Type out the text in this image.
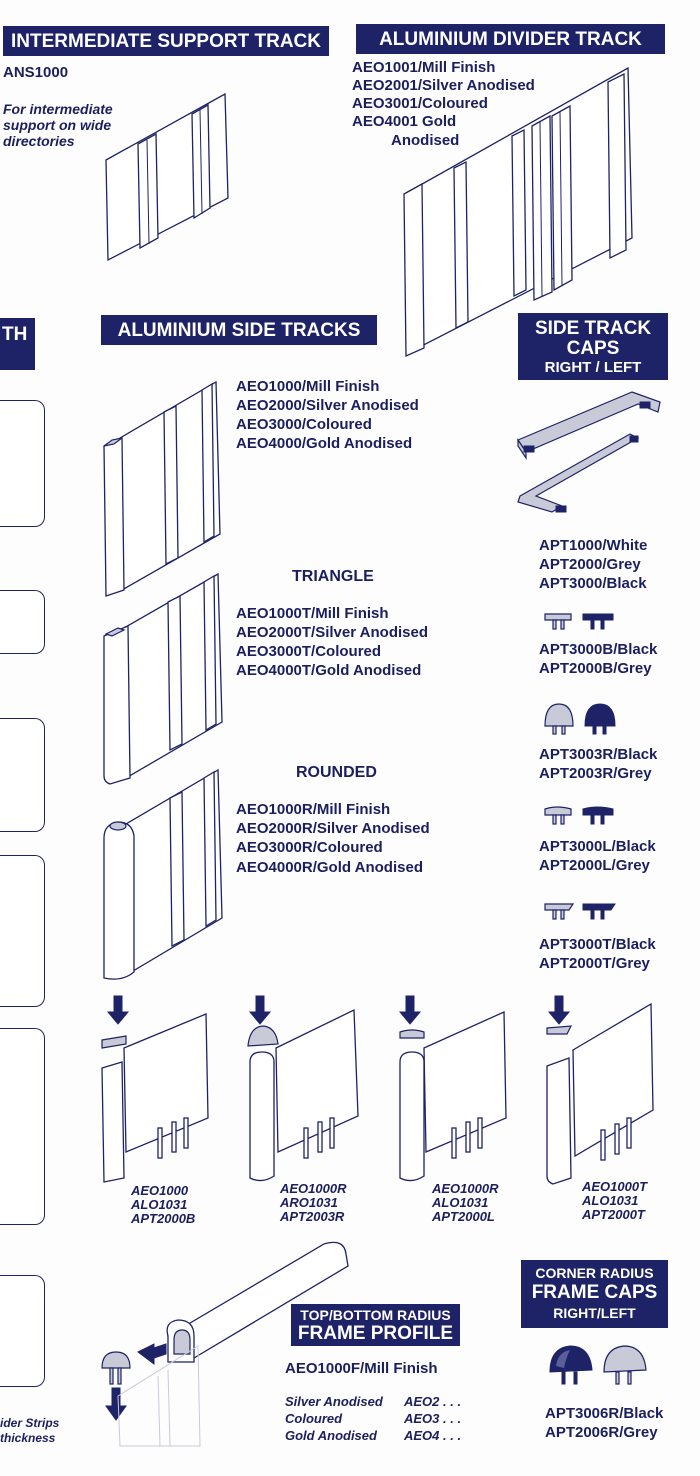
INTERMEDIATE SUPPORT TRACK
ANS1000
For intermediate
support on wide
directories
ALUMINIUM DIVIDER TRACK
AEO1001/Mill Finish
AEO2001/Silver Anodised
AEO3001/Coloured
AEO4001 Gold
Anodised
TH	ALUMINIUM SIDE TRACKS
AEO1000/Mill Finish
AEO2000/Silver Anodised
AEO3000/Coloured
AEO4000/Gold Anodised
TRIANGLE
AEO1000T/Mill Finish
AEO2000T/Silver Anodised
AEO3000T/Coloured
AEO4000T/Gold Anodised
ROUNDED
AEO1000R/Mill Finish
AEO2000R/Silver Anodised
AEO3000R/Coloured
AEO4000R/Gold Anodised
SIDE TRACK
CAPS
RIGHT / LEFT
APT1000/White
APT2000/Grey
APT3000/Black
APT3000B/Black
APT2000B/Grey
APT3003R/Black
APT2003R/Grey
APT3000L/Black
APT2000L/Grey
APT3000T/Black
APT2000T/Grey
AEO1000
ALO1031
APT2000B
AEO1000R
ARO1031
APT2003R
AEO1000R
ALO1031
APT2000L
AEO1000T
ALO1031
APT2000T
TOP/BOTTOM RADIUS
FRAME PROFILE
AEO1000F/Mill Finish
Silver Anodised AEO2 . . .
Coloured	AEO3 . . .
Gold Anodised AEO4 . . .
CORNER RADIUS
FRAME CAPS
RIGHT/LEFT
APT3006R/Black
APT2006R/Grey
ider Strips
thickness
